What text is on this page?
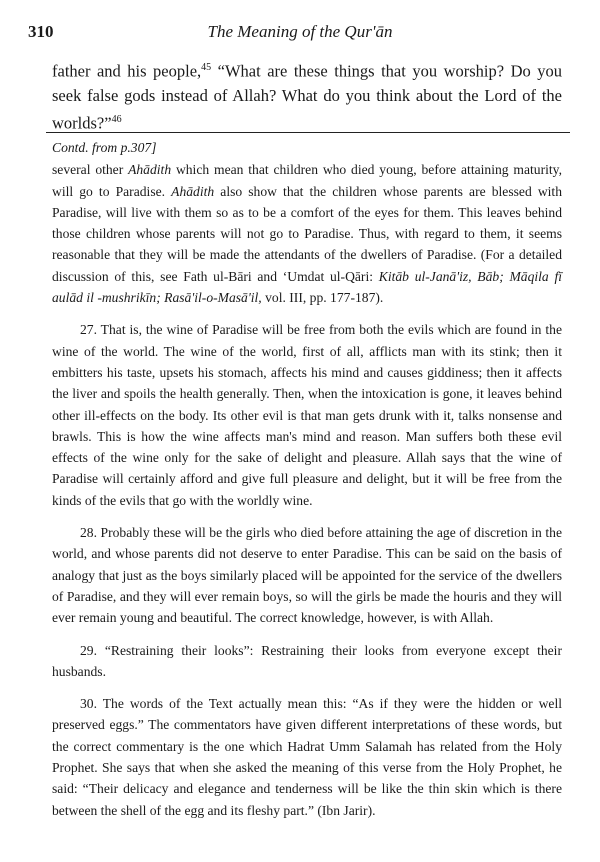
310	The Meaning of the Qur'ān
father and his people,$^{45}$ “What are these things that you worship? Do you seek false gods instead of Allah? What do you think about the Lord of the worlds?”$^{46}$

Contd. from p.307]

several other Ahādith which mean that children who died young, before attaining maturity, will go to Paradise. Ahādith also show that the children whose parents are blessed with Paradise, will live with them so as to be a comfort of the eyes for them. This leaves behind those children whose parents will not go to Paradise. Thus, with regard to them, it seems reasonable that they will be made the attendants of the dwellers of Paradise. (For a detailed discussion of this, see Fath ul-Bāri and ‘Umdat ul-Qāri: Kitāb ul-Janā'iz, Bāb; Māqila fī aulād il -mushrikīn; Rasā'il-o-Masā'il, vol. III, pp. 177-187).

27. That is, the wine of Paradise will be free from both the evils which are found in the wine of the world. The wine of the world, first of all, afflicts man with its stink; then it embitters his taste, upsets his stomach, affects his mind and causes giddiness; then it affects the liver and spoils the health generally. Then, when the intoxication is gone, it leaves behind other ill-effects on the body. Its other evil is that man gets drunk with it, talks nonsense and brawls. This is how the wine affects man's mind and reason. Man suffers both these evil effects of the wine only for the sake of delight and pleasure. Allah says that the wine of Paradise will certainly afford and give full pleasure and delight, but it will be free from the kinds of the evils that go with the worldly wine.

28. Probably these will be the girls who died before attaining the age of discretion in the world, and whose parents did not deserve to enter Paradise. This can be said on the basis of analogy that just as the boys similarly placed will be appointed for the service of the dwellers of Paradise, and they will ever remain boys, so will the girls be made the houris and they will ever remain young and beautiful. The correct knowledge, however, is with Allah.

29. “Restraining their looks”: Restraining their looks from everyone except their husbands.

30. The words of the Text actually mean this: “As if they were the hidden or well preserved eggs.” The commentators have given different interpretations of these words, but the correct commentary is the one which Hadrat Umm Salamah has related from the Holy Prophet. She says that when she asked the meaning of this verse from the Holy Prophet, he said: “Their delicacy and elegance and tenderness will be like the thin skin which is there between the shell of the egg and its fleshy part.” (Ibn Jarir).
